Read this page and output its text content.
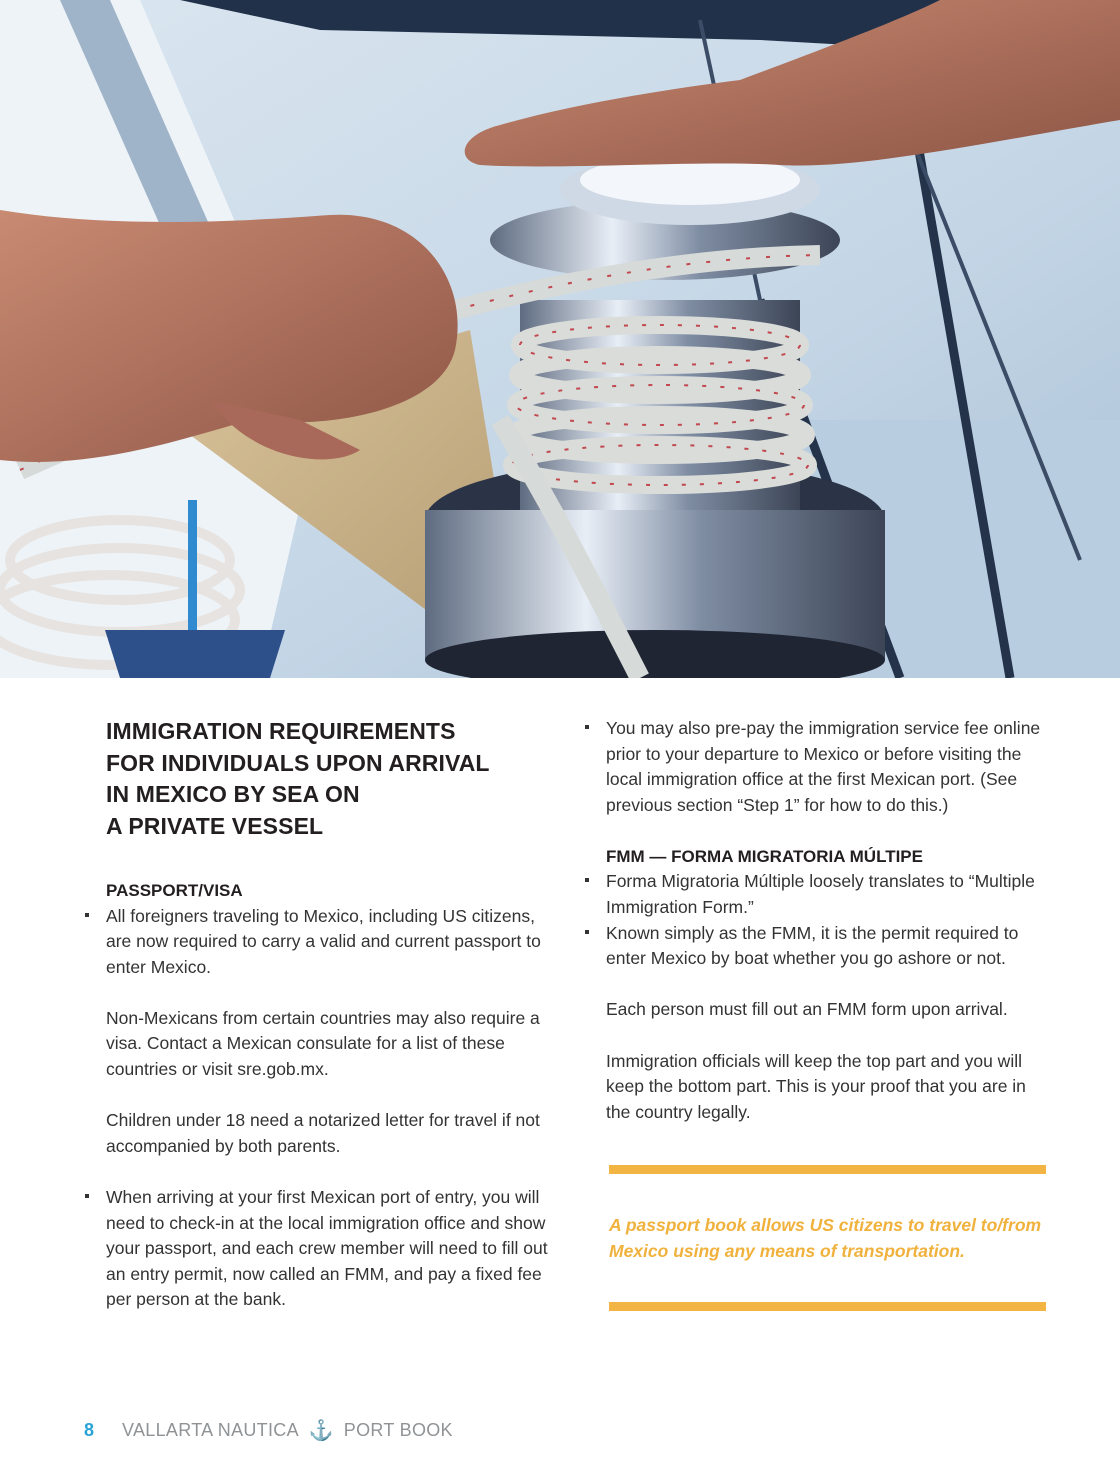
IMMIGRATION REQUIREMENTS
FOR INDIVIDUALS UPON ARRIVAL
IN MEXICO BY SEA ON
A PRIVATE VESSEL
PASSPORT/VISA
All foreigners traveling to Mexico, including US citizens, are now required to carry a valid and current passport to enter Mexico.
Non-Mexicans from certain countries may also require a visa. Contact a Mexican consulate for a list of these countries or visit sre.gob.mx.
Children under 18 need a notarized letter for travel if not accompanied by both parents.
When arriving at your first Mexican port of entry, you will need to check-in at the local immigration office and show your passport, and each crew member will need to fill out an entry permit, now called an FMM, and pay a fixed fee per person at the bank.
You may also pre-pay the immigration service fee online prior to your departure to Mexico or before visiting the local immigration office at the first Mexican port. (See previous section “Step 1” for how to do this.)
FMM — FORMA MIGRATORIA MÚLTIPE
Forma Migratoria Múltiple loosely translates to “Multiple Immigration Form.”
Known simply as the FMM, it is the permit required to enter Mexico by boat whether you go ashore or not.
Each person must fill out an FMM form upon arrival.
Immigration officials will keep the top part and you will keep the bottom part. This is your proof that you are in the country legally.
A passport book allows US citizens to travel to/from Mexico using any means of transportation.
8 VALLARTA NAUTICA ⚓ PORT BOOK
